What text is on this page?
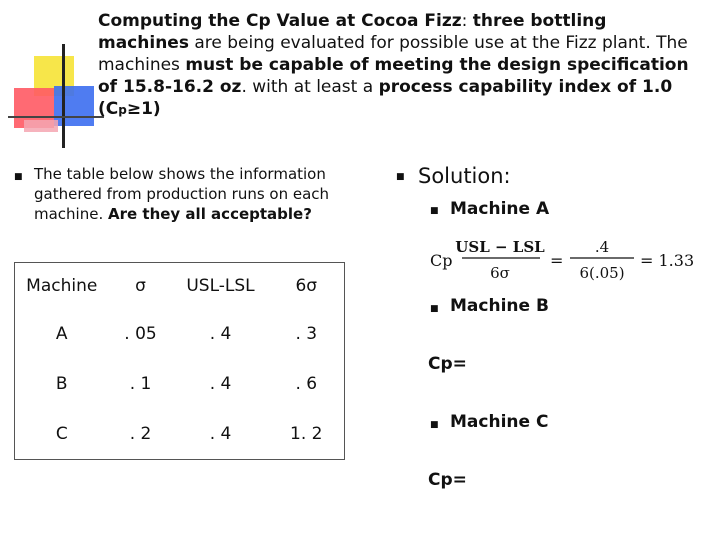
Computing the Cp Value at Cocoa Fizz: three bottling machines are being evaluated for possible use at the Fizz plant. The machines must be capable of meeting the design specification of 15.8-16.2 oz. with at least a process capability index of 1.0 (Cp≥1)
■ The table below shows the information gathered from production runs on each machine. Are they all acceptable?
Machine	σ	USL-LSL	6σ
A	. 05	. 4	. 3
B	. 1	. 4	. 6
C	. 2	. 4	1. 2
■ Solution:
■ Machine A
Cp
USL − LSL
6σ
=
.4
6(.05)
= 1.33
■ Machine B
Cp=
■ Machine C
Cp=
